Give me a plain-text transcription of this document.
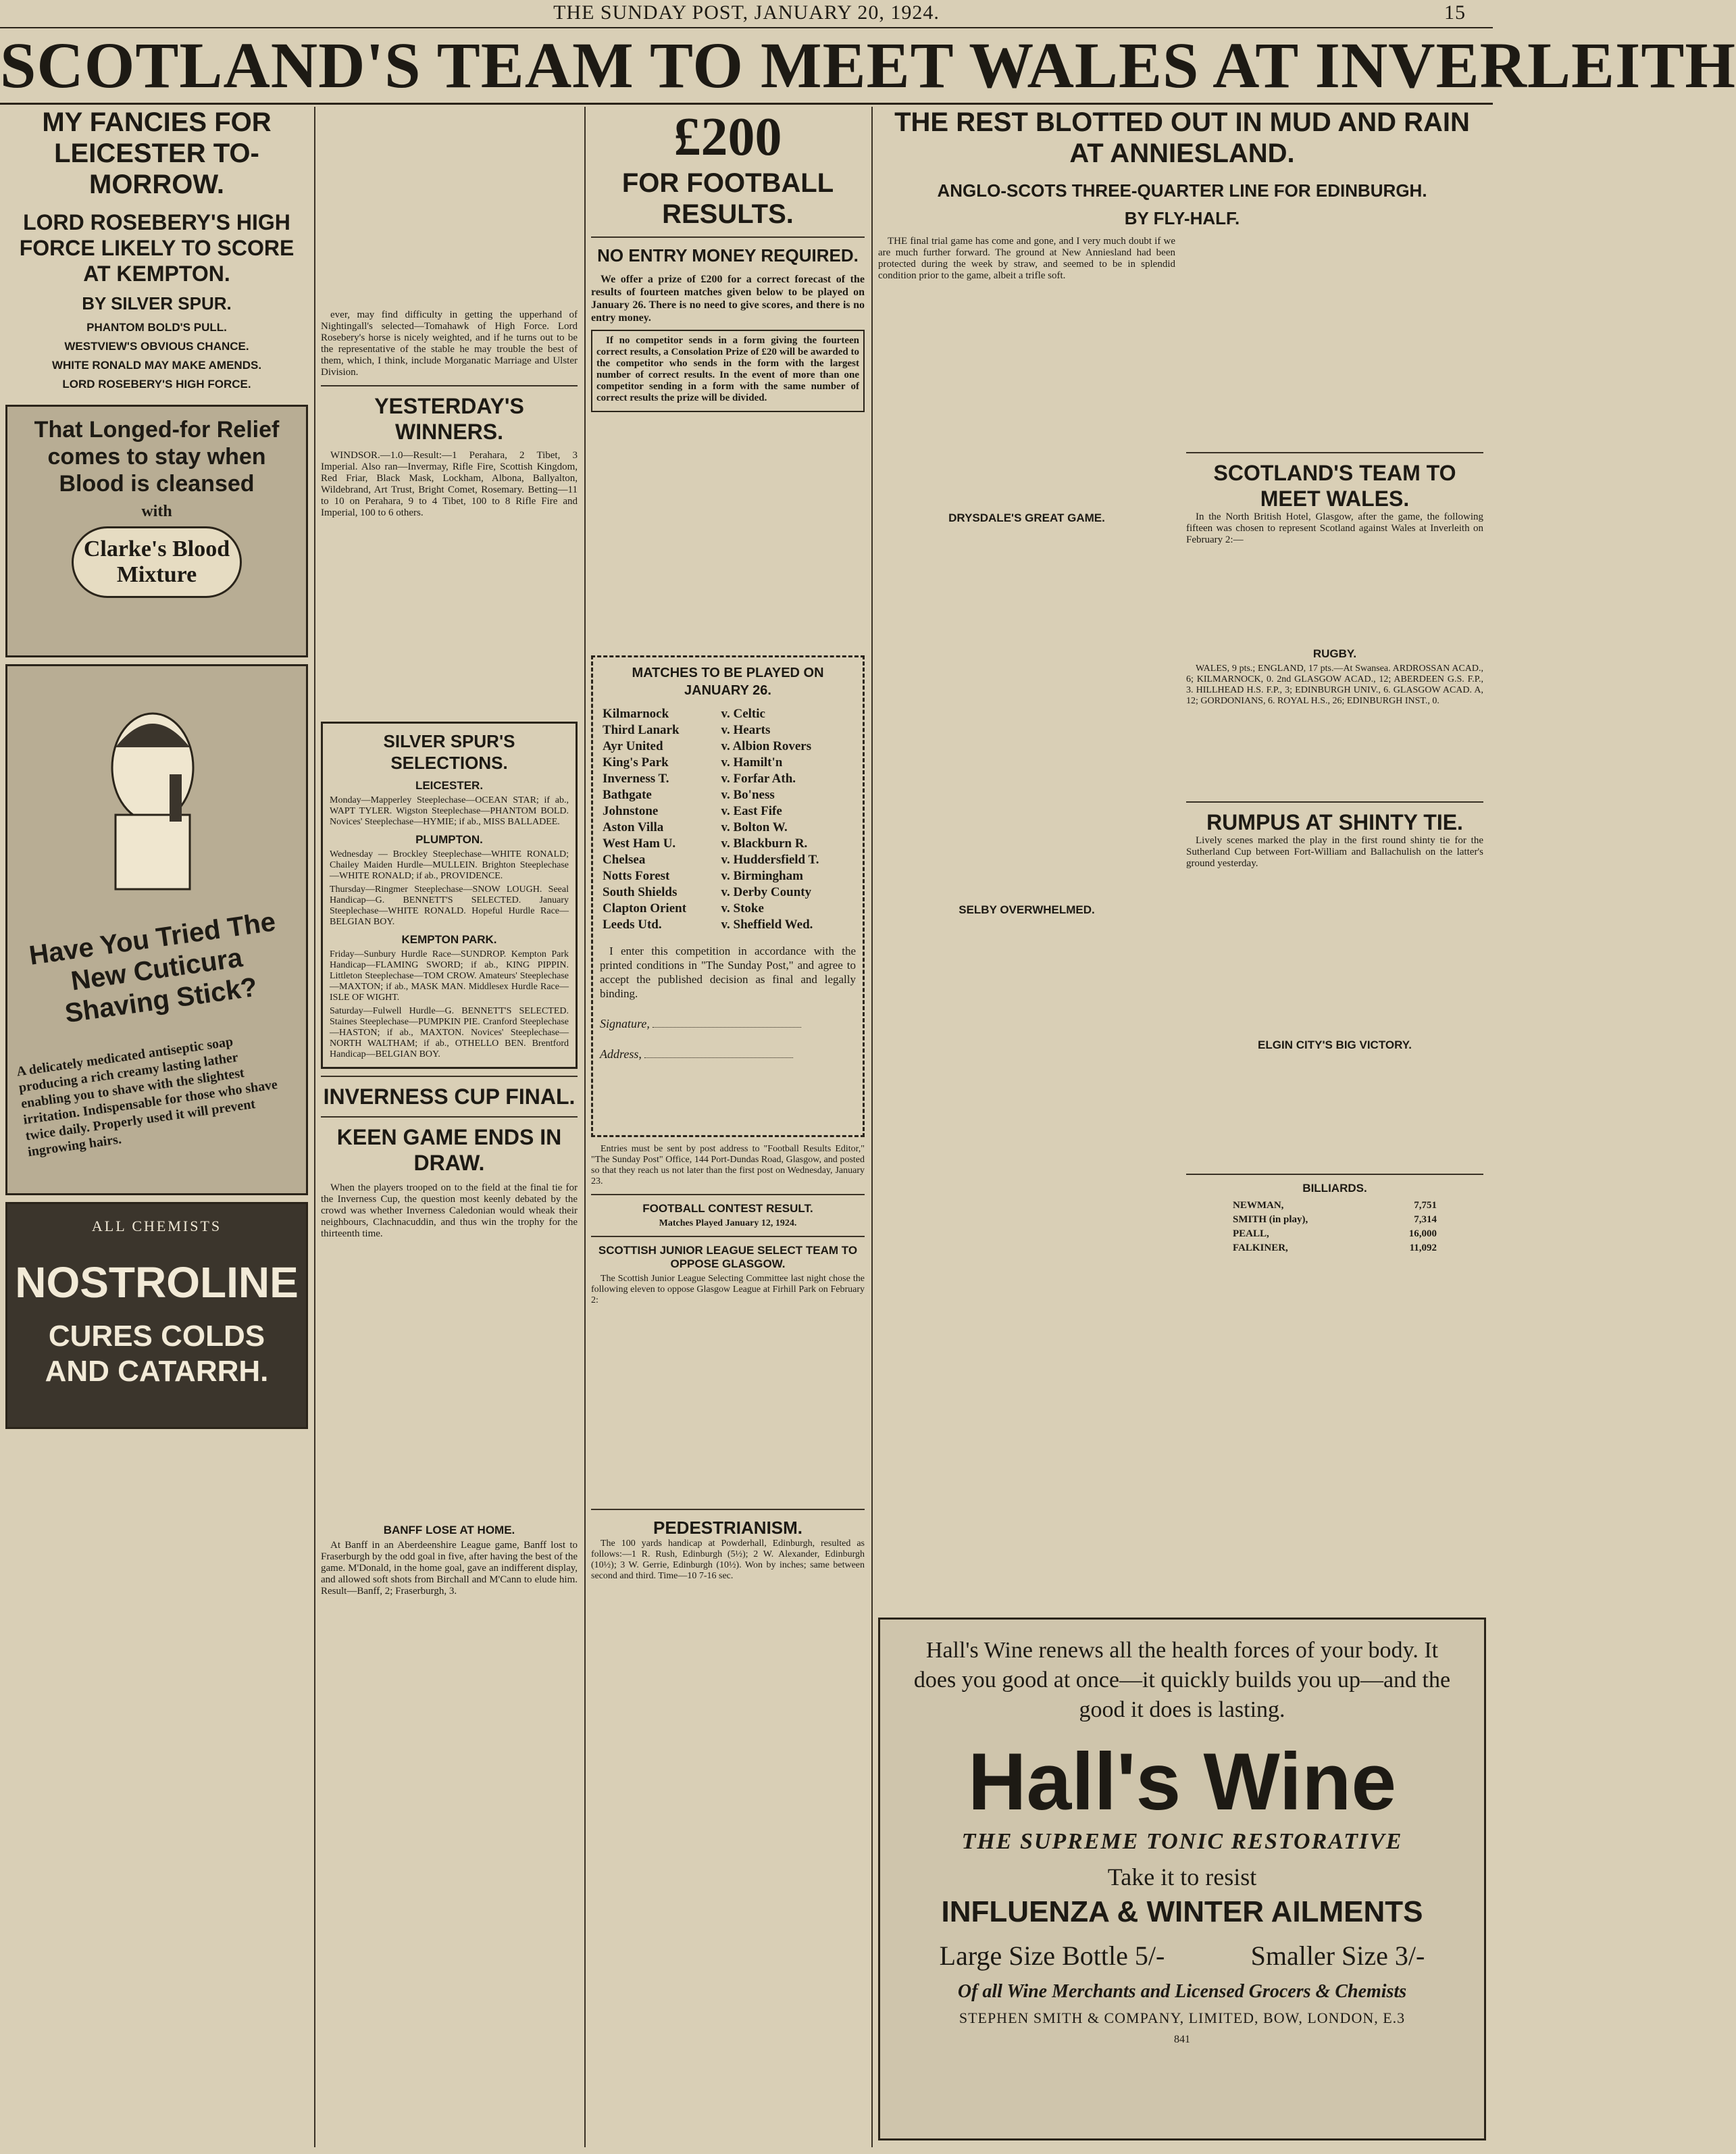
THE SUNDAY POST, JANUARY 20, 1924.	15
SCOTLAND'S TEAM TO MEET WALES AT INVERLEITH
MY FANCIES FOR LEICESTER TO-MORROW.
LORD ROSEBERY'S HIGH FORCE LIKELY TO SCORE AT KEMPTON.
BY SILVER SPUR.
PHANTOM BOLD'S PULL.
WESTVIEW'S OBVIOUS CHANCE.
WHITE RONALD MAY MAKE AMENDS.
LORD ROSEBERY'S HIGH FORCE.
That Longed-for Relief comes to stay when Blood is cleansed
with
Clarke's Blood Mixture
Have You Tried The New Cuticura Shaving Stick?
A delicately medicated antiseptic soap producing a rich creamy lasting lather enabling you to shave with the slightest irritation. Indispensable for those who shave twice daily. Properly used it will prevent ingrowing hairs.
ALL CHEMISTS
NOSTROLINE
CURES COLDS AND CATARRH.

ever, may find difficulty in getting the upperhand of Nightingall's selected—Tomahawk of High Force. Lord Rosebery's horse is nicely weighted, and if he turns out to be the representative of the stable he may trouble the best of them, which, I think, include Morganatic Marriage and Ulster Division.

YESTERDAY'S WINNERS.

WINDSOR.—1.0—Result:—1 Perahara, 2 Tibet, 3 Imperial. Also ran—Invermay, Rifle Fire, Scottish Kingdom, Red Friar, Black Mask, Lockham, Albona, Ballyalton, Wildebrand, Art Trust, Bright Comet, Rosemary. Betting—11 to 10 on Perahara, 9 to 4 Tibet, 100 to 8 Rifle Fire and Imperial, 100 to 6 others.

SILVER SPUR'S SELECTIONS.
LEICESTER.
Monday—Mapperley Steeplechase—OCEAN STAR; if ab., WAPT TYLER. Wigston Steeplechase—PHANTOM BOLD. Novices' Steeplechase—HYMIE; if ab., MISS BALLADEE.
PLUMPTON.
Wednesday — Brockley Steeplechase—WHITE RONALD; Chailey Maiden Hurdle—MULLEIN. Brighton Steeplechase—WHITE RONALD; if ab., PROVIDENCE.
Thursday—Ringmer Steeplechase—SNOW LOUGH. Seeal Handicap—G. BENNETT'S SELECTED. January Steeplechase—WHITE RONALD. Hopeful Hurdle Race—BELGIAN BOY.
KEMPTON PARK.
Friday—Sunbury Hurdle Race—SUNDROP. Kempton Park Handicap—FLAMING SWORD; if ab., KING PIPPIN. Littleton Steeplechase—TOM CROW. Amateurs' Steeplechase—MAXTON; if ab., MASK MAN. Middlesex Hurdle Race—ISLE OF WIGHT.
Saturday—Fulwell Hurdle—G. BENNETT'S SELECTED. Staines Steeplechase—PUMPKIN PIE. Cranford Steeplechase—HASTON; if ab., MAXTON. Novices' Steeplechase—NORTH WALTHAM; if ab., OTHELLO BEN. Brentford Handicap—BELGIAN BOY.
INVERNESS CUP FINAL.
KEEN GAME ENDS IN DRAW.

When the players trooped on to the field at the final tie for the Inverness Cup, the question most keenly debated by the crowd was whether Inverness Caledonian would wheak their neighbours, Clachnacuddin, and thus win the trophy for the thirteenth time.

BANFF LOSE AT HOME.

At Banff in an Aberdeenshire League game, Banff lost to Fraserburgh by the odd goal in five, after having the best of the game. M'Donald, in the home goal, gave an indifferent display, and allowed soft shots from Birchall and M'Cann to elude him. Result—Banff, 2; Fraserburgh, 3.

£200
FOR FOOTBALL RESULTS.
NO ENTRY MONEY REQUIRED.

We offer a prize of £200 for a correct forecast of the results of fourteen matches given below to be played on January 26. There is no need to give scores, and there is no entry money.

If no competitor sends in a form giving the fourteen correct results, a Consolation Prize of £20 will be awarded to the competitor who sends in the form with the largest number of correct results. In the event of more than one competitor sending in a form with the same number of correct results the prize will be divided.

MATCHES TO BE PLAYED ON JANUARY 26.
Kilmarnock	v. Celtic
Third Lanark	v. Hearts
Ayr United	v. Albion Rovers
King's Park	v. Hamilt'n
Inverness T.	v. Forfar Ath.
Bathgate	v. Bo'ness
Johnstone	v. East Fife
Aston Villa	v. Bolton W.
West Ham U.	v. Blackburn R.
Chelsea	v. Huddersfield T.
Notts Forest	v. Birmingham
South Shields	v. Derby County
Clapton Orient	v. Stoke
Leeds Utd.	v. Sheffield Wed.

I enter this competition in accordance with the printed conditions in "The Sunday Post," and agree to accept the published decision as final and legally binding.

Signature,
Address,

Entries must be sent by post address to "Football Results Editor," "The Sunday Post" Office, 144 Port-Dundas Road, Glasgow, and posted so that they reach us not later than the first post on Wednesday, January 23.

FOOTBALL CONTEST RESULT.
Matches Played January 12, 1924.
SCOTTISH JUNIOR LEAGUE SELECT TEAM TO OPPOSE GLASGOW.

The Scottish Junior League Selecting Committee last night chose the following eleven to oppose Glasgow League at Firhill Park on February 2:

PEDESTRIANISM.

The 100 yards handicap at Powderhall, Edinburgh, resulted as follows:—1 R. Rush, Edinburgh (5½); 2 W. Alexander, Edinburgh (10½); 3 W. Gerrie, Edinburgh (10½). Won by inches; same between second and third. Time—10 7-16 sec.

THE REST BLOTTED OUT IN MUD AND RAIN AT ANNIESLAND.
ANGLO-SCOTS THREE-QUARTER LINE FOR EDINBURGH.
BY FLY-HALF.

THE final trial game has come and gone, and I very much doubt if we are much further forward. The ground at New Anniesland had been protected during the week by straw, and seemed to be in splendid condition prior to the game, albeit a trifle soft.

DRYSDALE'S GREAT GAME.
SELBY OVERWHELMED.
SCOTLAND'S TEAM TO MEET WALES.

In the North British Hotel, Glasgow, after the game, the following fifteen was chosen to represent Scotland against Wales at Inverleith on February 2:—

RUGBY.

WALES, 9 pts.; ENGLAND, 17 pts.—At Swansea. ARDROSSAN ACAD., 6; KILMARNOCK, 0. 2nd GLASGOW ACAD., 12; ABERDEEN G.S. F.P., 3. HILLHEAD H.S. F.P., 3; EDINBURGH UNIV., 6. GLASGOW ACAD. A, 12; GORDONIANS, 6. ROYAL H.S., 26; EDINBURGH INST., 0.

RUMPUS AT SHINTY TIE.

Lively scenes marked the play in the first round shinty tie for the Sutherland Cup between Fort-William and Ballachulish on the latter's ground yesterday.

ELGIN CITY'S BIG VICTORY.
BILLIARDS.
NEWMAN,	7,751
SMITH (in play),	7,314
PEALL,	16,000
FALKINER,	11,092
Hall's Wine renews all the health forces of your body. It does you good at once—it quickly builds you up—and the good it does is lasting.
Hall's Wine
THE SUPREME TONIC RESTORATIVE
Take it to resist
INFLUENZA & WINTER AILMENTS
Large Size Bottle 5/-	Smaller Size 3/-
Of all Wine Merchants and Licensed Grocers & Chemists
STEPHEN SMITH & COMPANY, LIMITED, BOW, LONDON, E.3
841
